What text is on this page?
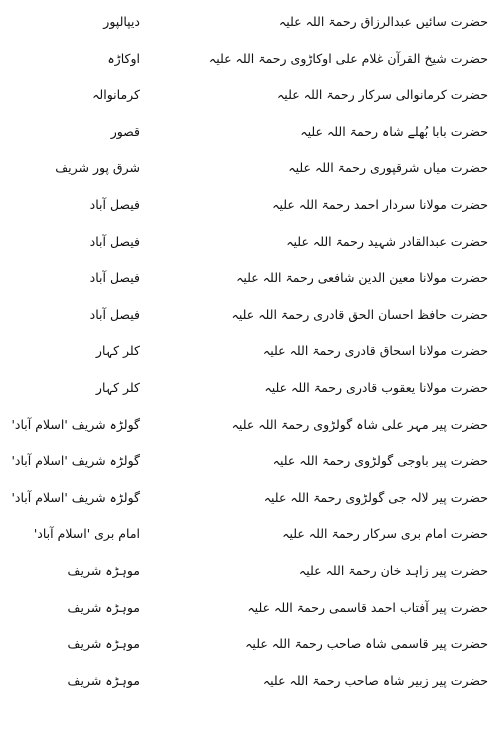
حضرت سائیں عبدالرزاق رحمۃ اللہ علیہ
دیپالپور
حضرت شیخ القرآن غلام علی اوکاڑوی رحمۃ اللہ علیہ
اوکاڑہ
حضرت کرمانوالی سرکار رحمۃ اللہ علیہ
کرمانوالہ
حضرت بابا بُھلے شاہ رحمۃ اللہ علیہ
قصور
حضرت میاں شرقپوری رحمۃ اللہ علیہ
شرق پور شریف
حضرت مولانا سردار احمد رحمۃ اللہ علیہ
فیصل آباد
حضرت عبدالقادر شہید رحمۃ اللہ علیہ
فیصل آباد
حضرت مولانا معین الدین شافعی رحمۃ اللہ علیہ
فیصل آباد
حضرت حافظ احسان الحق قادری رحمۃ اللہ علیہ
فیصل آباد
حضرت مولانا اسحاق قادری رحمۃ اللہ علیہ
کلر کہار
حضرت مولانا یعقوب قادری رحمۃ اللہ علیہ
کلر کہار
حضرت پیر مہر علی شاہ گولڑوی رحمۃ اللہ علیہ
گولڑہ شریف 'اسلام آباد'
حضرت پیر باوجی گولڑوی رحمۃ اللہ علیہ
گولڑہ شریف 'اسلام آباد'
حضرت پیر لالہ جی گولڑوی رحمۃ اللہ علیہ
گولڑہ شریف 'اسلام آباد'
حضرت امام بری سرکار رحمۃ اللہ علیہ
امام بری 'اسلام آباد'
حضرت پیر زاہد خان رحمۃ اللہ علیہ
موہڑہ شریف
حضرت پیر آفتاب احمد قاسمی رحمۃ اللہ علیہ
موہڑہ شریف
حضرت پیر قاسمی شاہ صاحب رحمۃ اللہ علیہ
موہڑہ شریف
حضرت پیر زبیر شاہ صاحب رحمۃ اللہ علیہ
موہڑہ شریف
